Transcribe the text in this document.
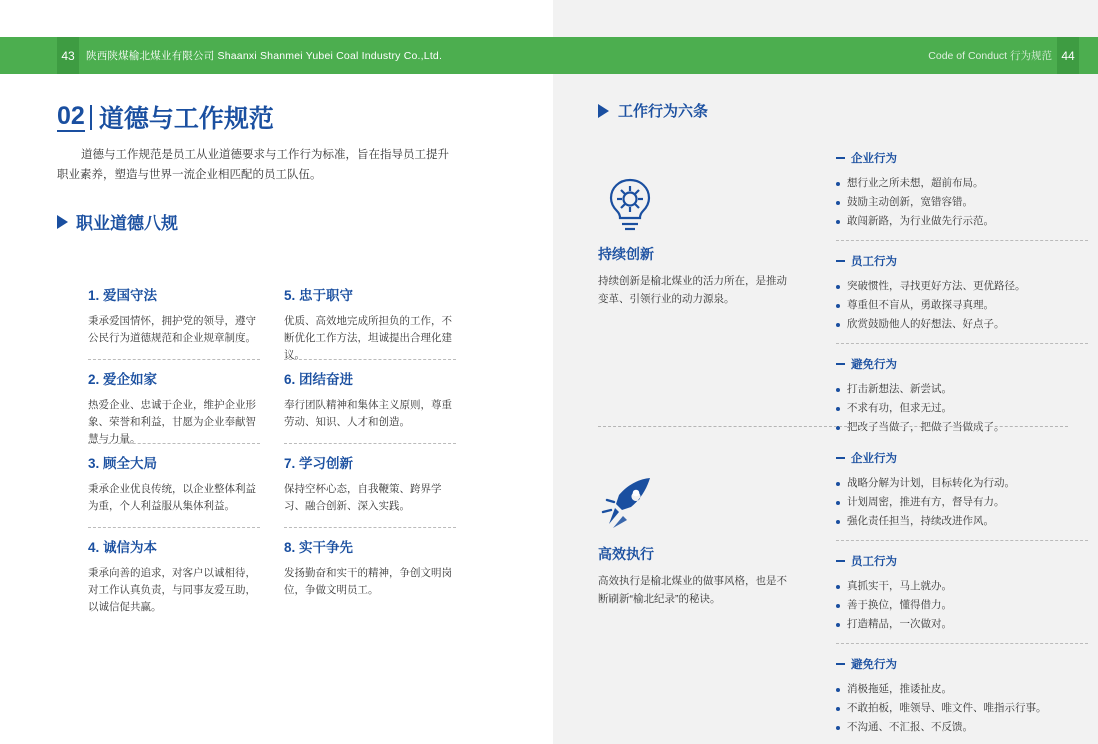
43	陕西陕煤榆北煤业有限公司 Shaanxi Shanmei Yubei Coal Industry Co.,Ltd.	Code of Conduct 行为规范 44
02 道德与工作规范
道德与工作规范是员工从业道德要求与工作行为标准，旨在指导员工提升职业素养，塑造与世界一流企业相匹配的员工队伍。
职业道德八规
1. 爱国守法
秉承爱国情怀，拥护党的领导，遵守公民行为道德规范和企业规章制度。
5. 忠于职守
优质、高效地完成所担负的工作，不断优化工作方法，坦诚提出合理化建议。
2. 爱企如家
热爱企业、忠诚于企业，维护企业形象、荣誉和利益，甘愿为企业奉献智慧与力量。
6. 团结奋进
奉行团队精神和集体主义原则，尊重劳动、知识、人才和创造。
3. 顾全大局
秉承企业优良传统，以企业整体利益为重，个人利益服从集体利益。
7. 学习创新
保持空杯心态，自我鞭策、跨界学习、融合创新、深入实践。
4. 诚信为本
秉承向善的追求，对客户以诚相待，对工作认真负责，与同事友爱互助，以诚信促共赢。
8. 实干争先
发扬勤奋和实干的精神，争创文明岗位，争做文明员工。
工作行为六条
持续创新
持续创新是榆北煤业的活力所在，是推动变革、引领行业的动力源泉。
企业行为
想行业之所未想，超前布局。
鼓励主动创新，宽错容错。
敢闯新路，为行业做先行示范。
员工行为
突破惯性，寻找更好方法、更优路径。
尊重但不盲从，勇敢探寻真理。
欣赏鼓励他人的好想法、好点子。
避免行为
打击新想法、新尝试。
不求有功，但求无过。
把改了当做了，把做了当做成了。
高效执行
高效执行是榆北煤业的做事风格，也是不断刷新“榆北纪录”的秘诀。
企业行为
战略分解为计划，目标转化为行动。
计划周密，推进有方，督导有力。
强化责任担当，持续改进作风。
员工行为
真抓实干，马上就办。
善于换位，懂得借力。
打造精品，一次做对。
避免行为
消极拖延，推诿扯皮。
不敢拍板，唯领导、唯文件、唯指示行事。
不沟通、不汇报、不反馈。
